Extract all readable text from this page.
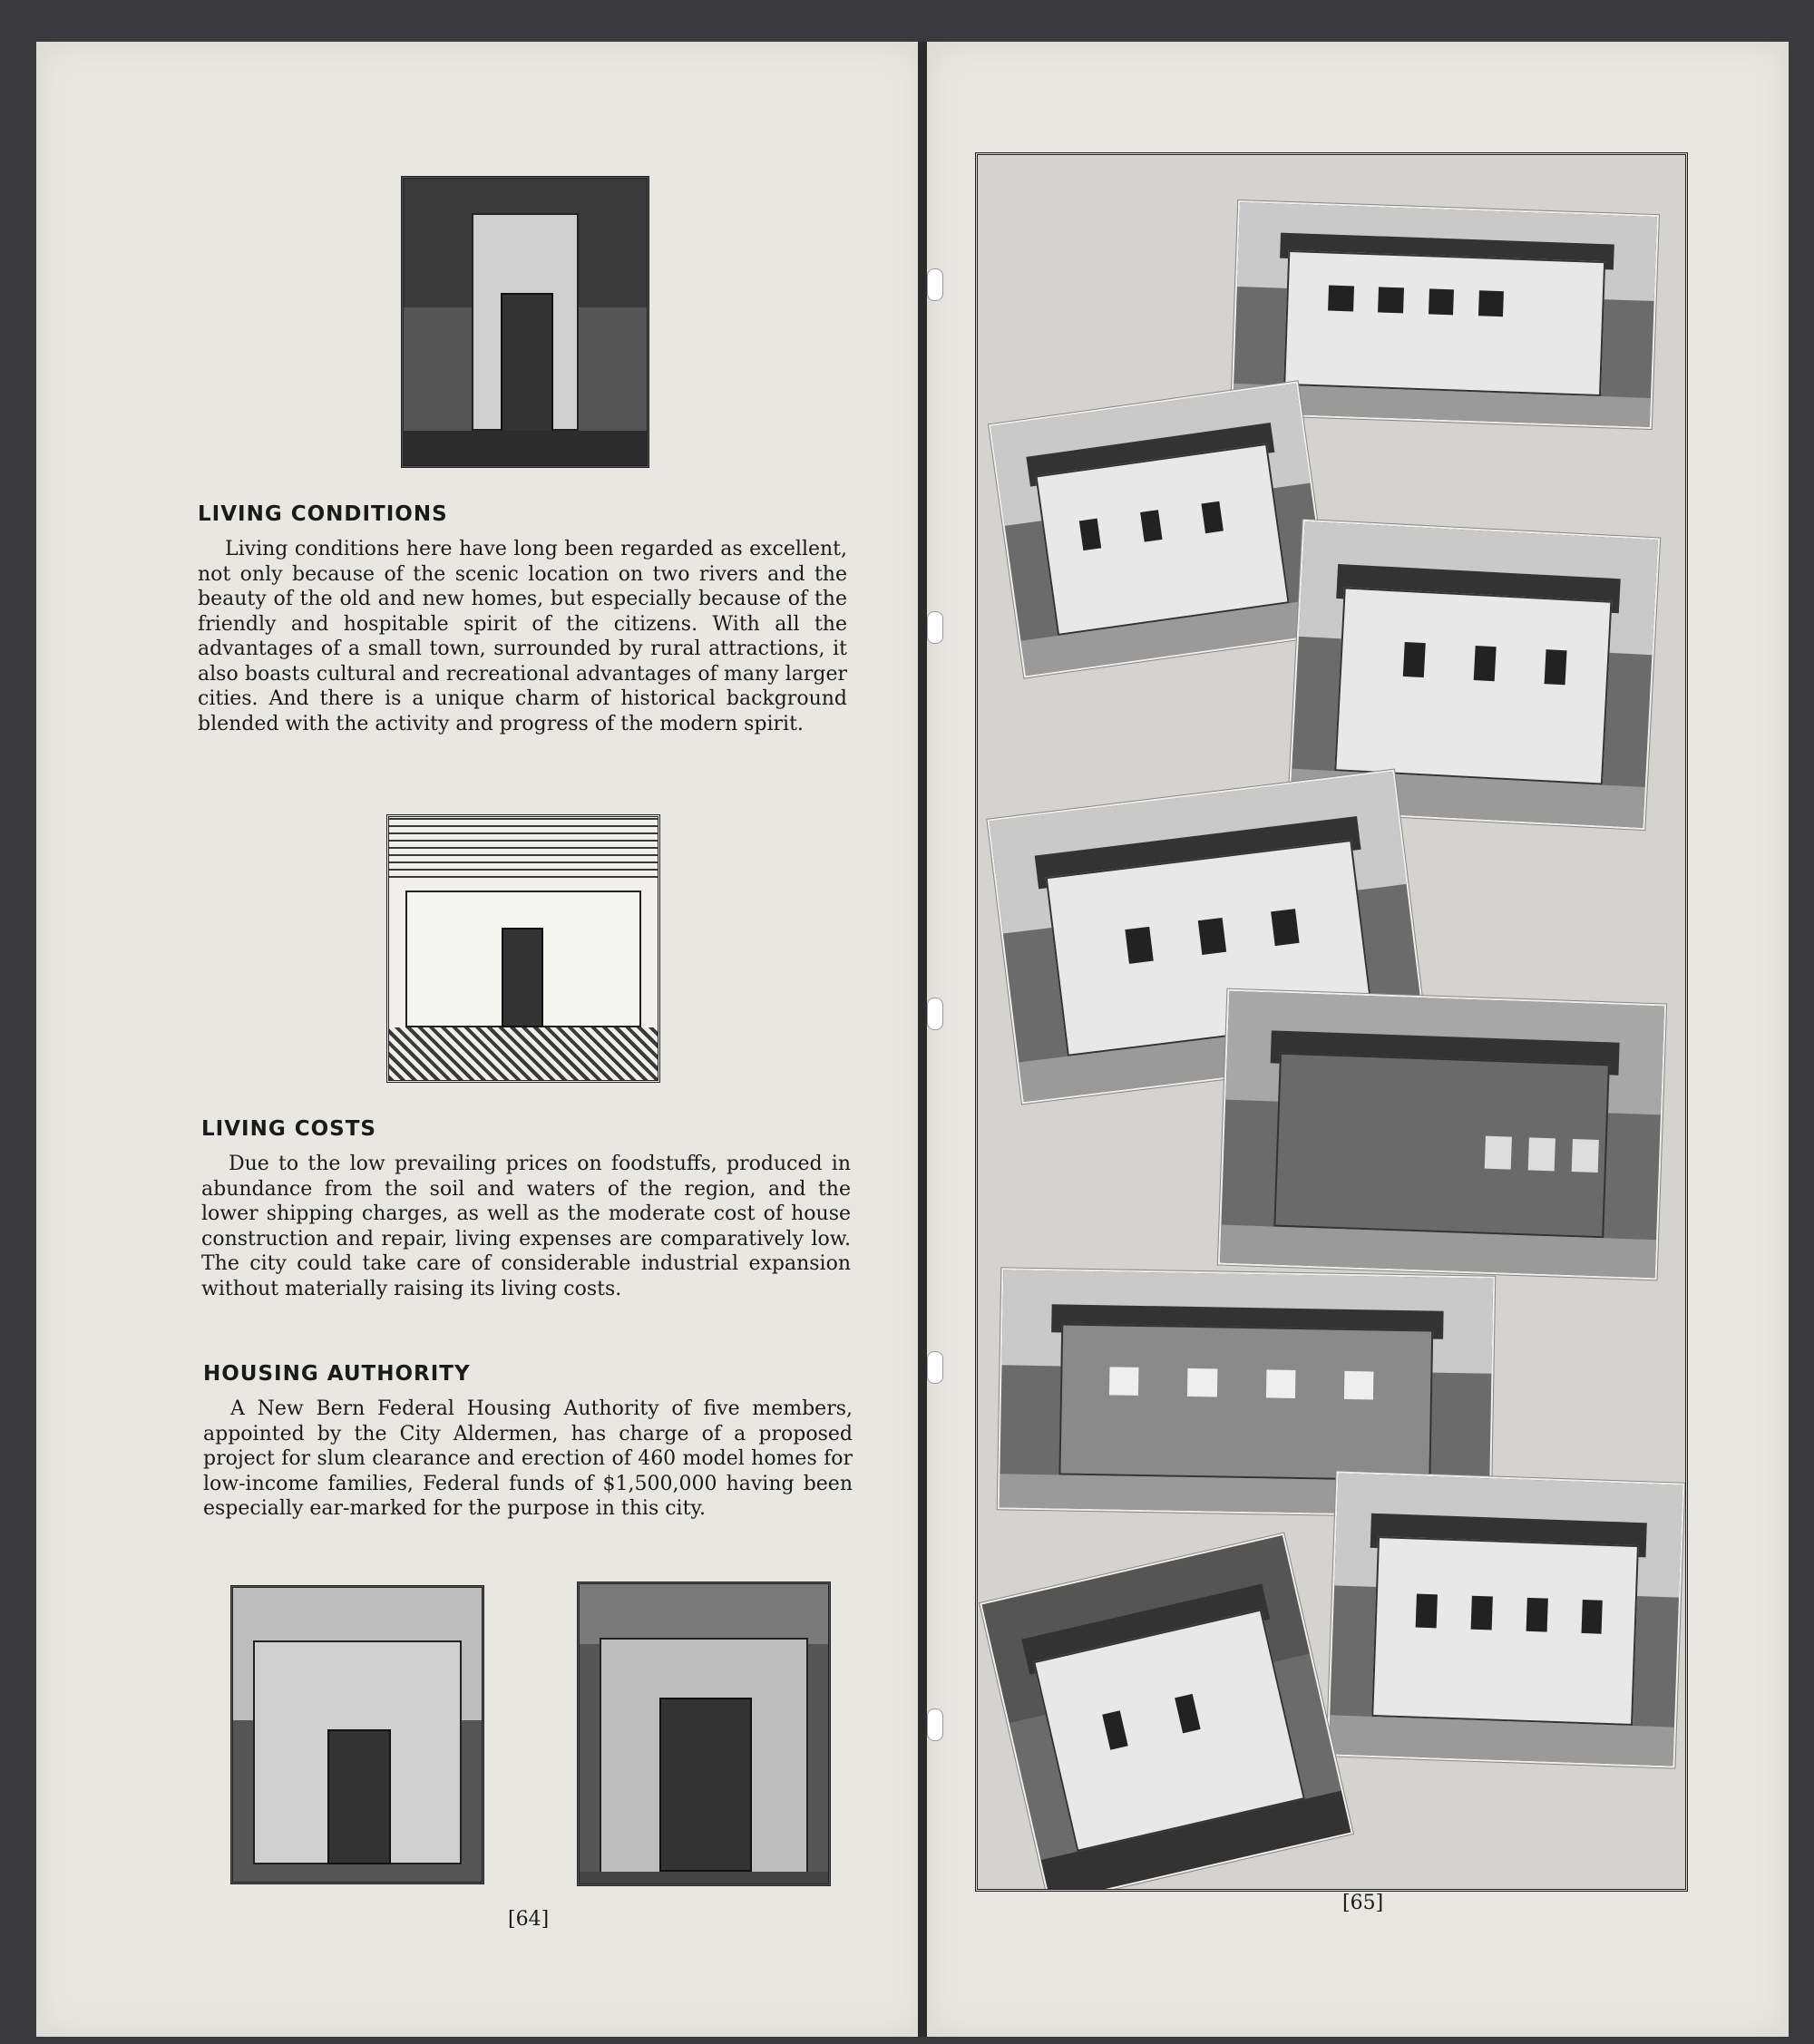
LIVING CONDITIONS

Living conditions here have long been regarded as excellent, not only because of the scenic location on two rivers and the beauty of the old and new homes, but especially because of the friendly and hospitable spirit of the citizens. With all the advantages of a small town, surrounded by rural attractions, it also boasts cultural and recreational advantages of many larger cities. And there is a unique charm of historical background blended with the activity and progress of the modern spirit.

LIVING COSTS

Due to the low prevailing prices on foodstuffs, produced in abundance from the soil and waters of the region, and the lower shipping charges, as well as the moderate cost of house construction and repair, living expenses are comparatively low. The city could take care of considerable industrial expansion without materially raising its living costs.

HOUSING AUTHORITY

A New Bern Federal Housing Authority of five members, appointed by the City Aldermen, has charge of a proposed project for slum clearance and erection of 460 model homes for low-income families, Federal funds of $1,500,000 having been especially ear-marked for the purpose in this city.

[64]
[65]
